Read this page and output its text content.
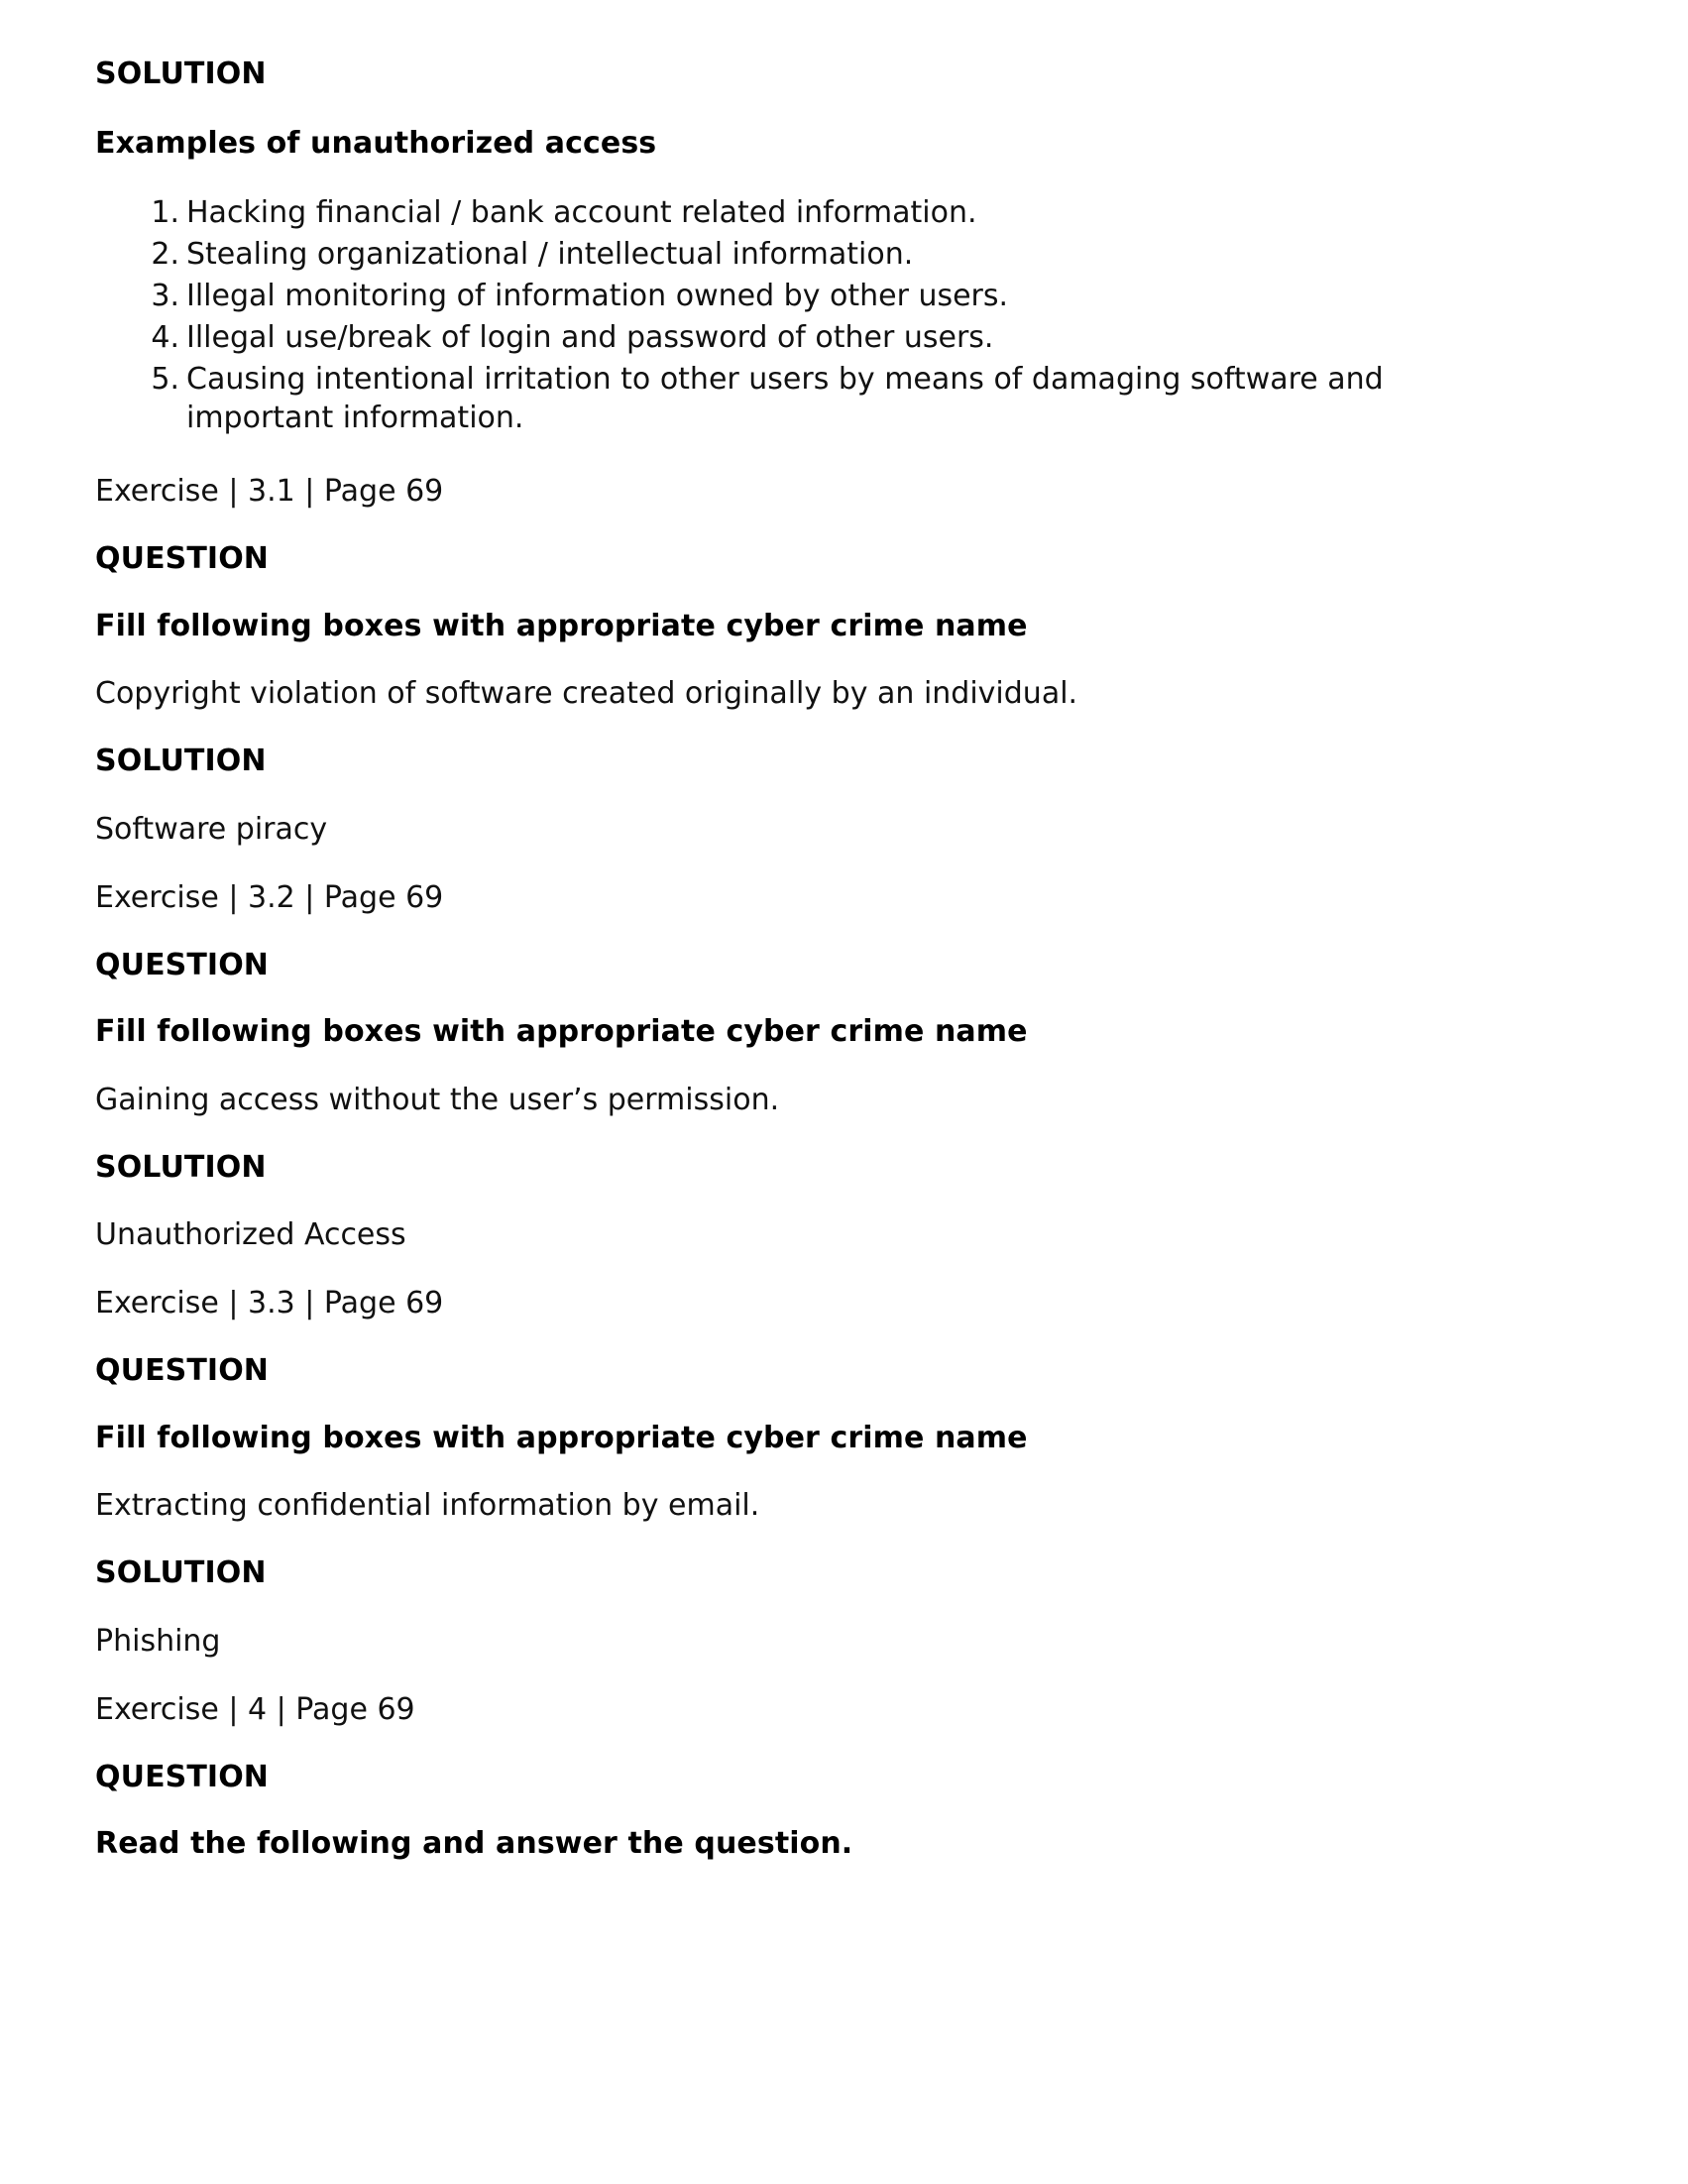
SOLUTION
Examples of unauthorized access
Hacking financial / bank account related information.
Stealing organizational / intellectual information.
Illegal monitoring of information owned by other users.
Illegal use/break of login and password of other users.
Causing intentional irritation to other users by means of damaging software and important information.
Exercise | 3.1 | Page 69
QUESTION
Fill following boxes with appropriate cyber crime name
Copyright violation of software created originally by an individual.
SOLUTION
Software piracy
Exercise | 3.2 | Page 69
QUESTION
Fill following boxes with appropriate cyber crime name
Gaining access without the user’s permission.
SOLUTION
Unauthorized Access
Exercise | 3.3 | Page 69
QUESTION
Fill following boxes with appropriate cyber crime name
Extracting confidential information by email.
SOLUTION
Phishing
Exercise | 4 | Page 69
QUESTION
Read the following and answer the question.
